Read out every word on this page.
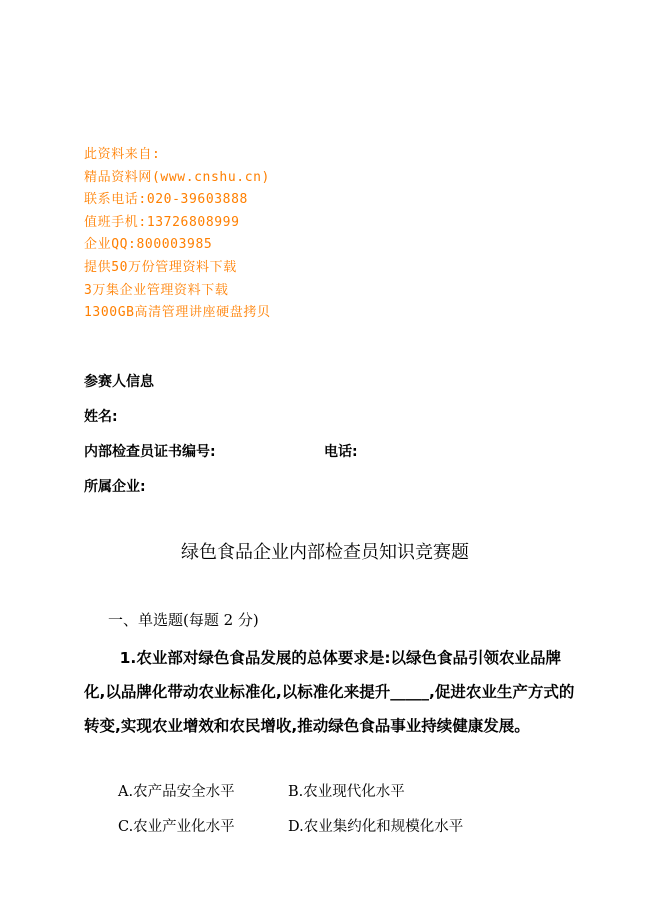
此资料来自:
精品资料网(www.cnshu.cn)
联系电话:020-39603888
值班手机:13726808999
企业QQ:800003985
提供50万份管理资料下载
3万集企业管理资料下载
1300GB高清管理讲座硬盘拷贝
参赛人信息
姓名:
内部检查员证书编号:	电话:
所属企业:
绿色食品企业内部检查员知识竞赛题
一、单选题(每题 2 分)

1.农业部对绿色食品发展的总体要求是:以绿色食品引领农业品牌化,以品牌化带动农业标准化,以标准化来提升_____,促进农业生产方式的转变,实现农业增效和农民增收,推动绿色食品事业持续健康发展。

A.农产品安全水平	B.农业现代化水平
C.农业产业化水平	D.农业集约化和规模化水平
